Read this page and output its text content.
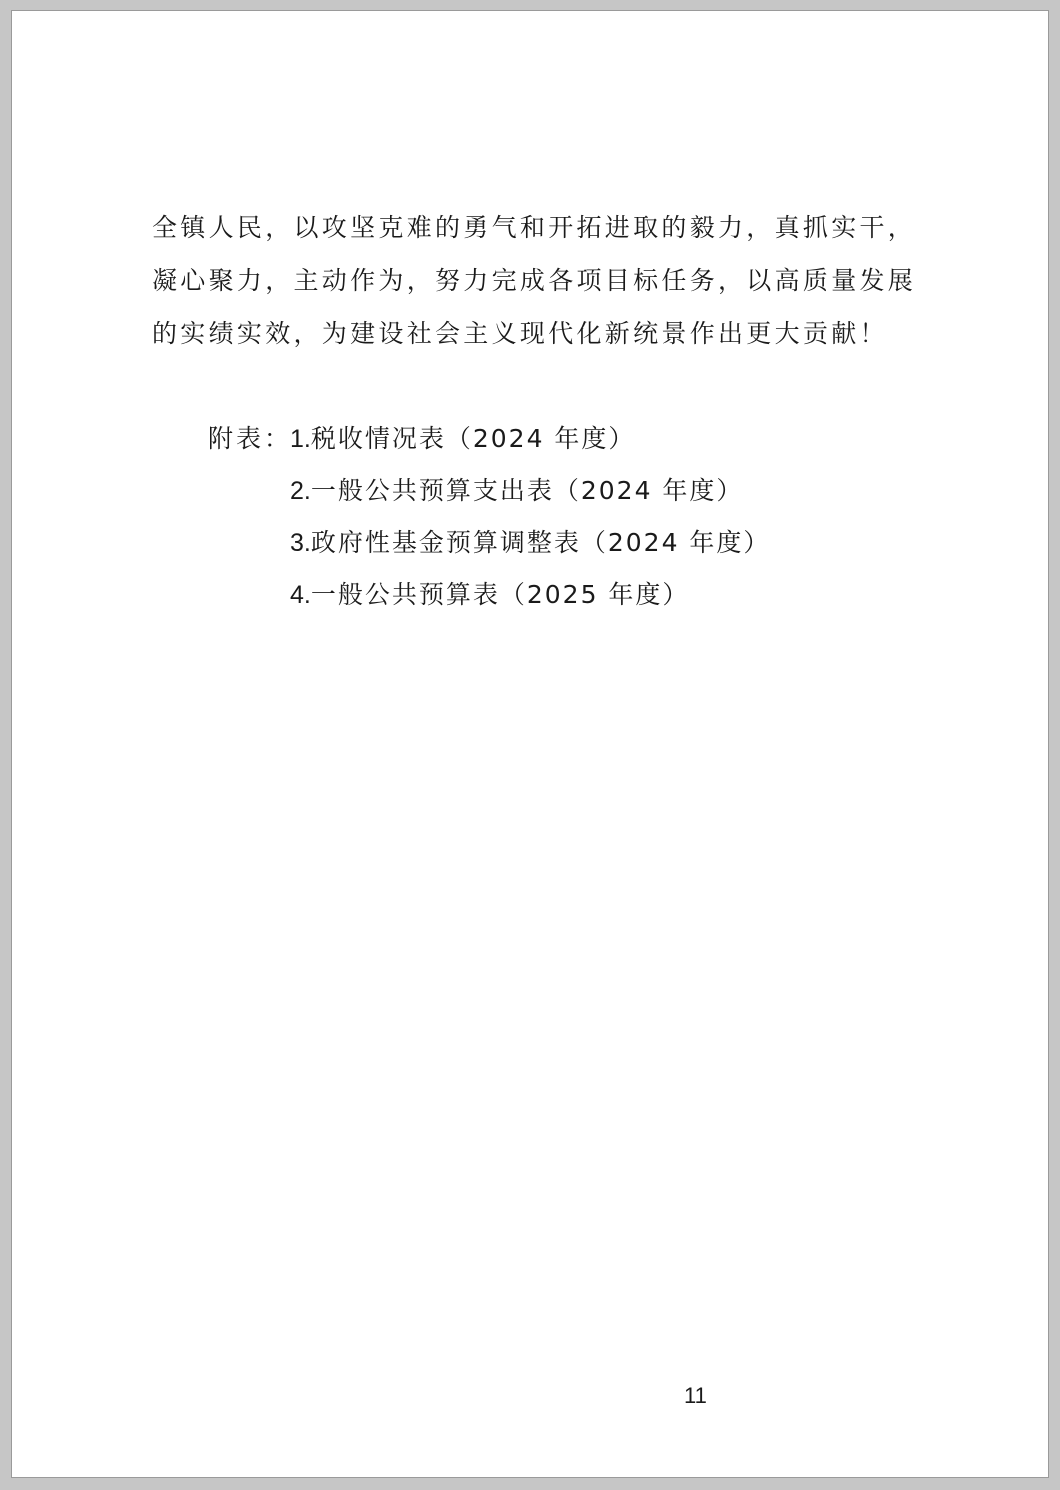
全镇人民，以攻坚克难的勇气和开拓进取的毅力，真抓实干，凝心聚力，主动作为，努力完成各项目标任务，以高质量发展的实绩实效，为建设社会主义现代化新统景作出更大贡献！

附表：
1. 税收情况表（2024 年度）
2. 一般公共预算支出表（2024 年度）
3. 政府性基金预算调整表（2024 年度）
4. 一般公共预算表（2025 年度）
11
